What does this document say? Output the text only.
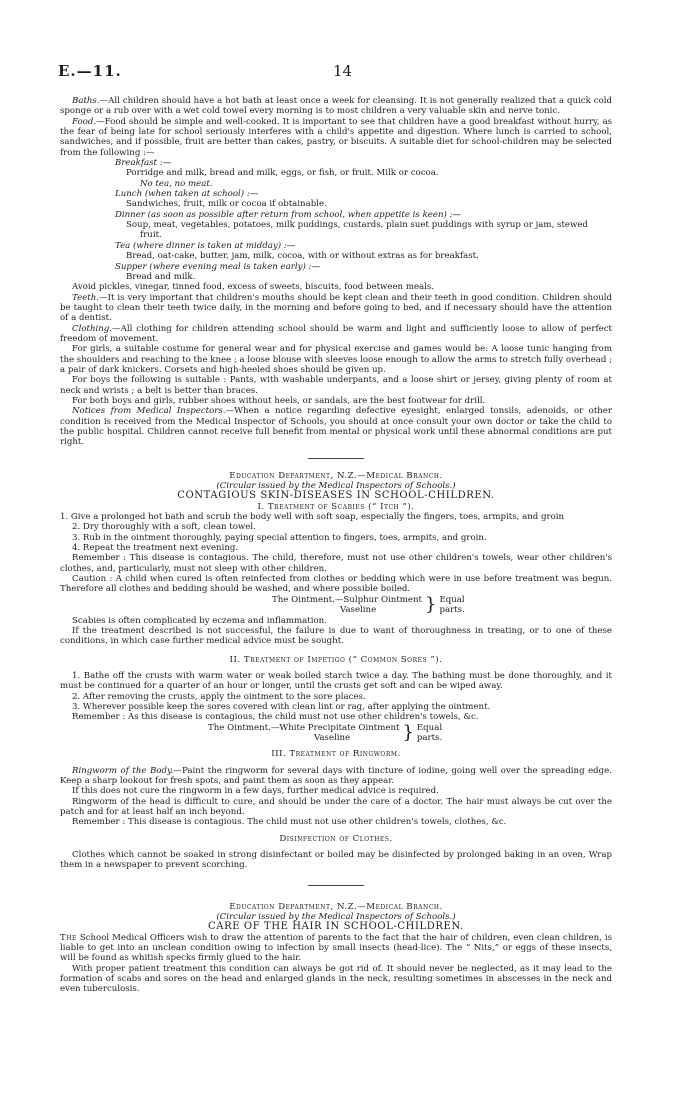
E.—11.	14

Baths.—All children should have a hot bath at least once a week for cleansing. It is not generally realized that a quick cold sponge or a rub over with a wet cold towel every morning is to most children a very valuable skin and nerve tonic.

Food.—Food should be simple and well-cooked. It is important to see that children have a good breakfast without hurry, as the fear of being late for school seriously interferes with a child's appetite and digestion. Where lunch is carried to school, sandwiches, and if possible, fruit are better than cakes, pastry, or biscuits. A suitable diet for school-children may be selected from the following :—

Breakfast :—

Porridge and milk, bread and milk, eggs, or fish, or fruit. Milk or cocoa.

No tea, no meat.

Lunch (when taken at school) :—

Sandwiches, fruit, milk or cocoa if obtainable.

Dinner (as soon as possible after return from school, when appetite is keen) :—

Soup, meat, vegetables, potatoes, milk puddings, custards, plain suet puddings with syrup or jam, stewed

fruit.

Tea (where dinner is taken at midday) :—

Bread, oat-cake, butter, jam, milk, cocoa, with or without extras as for breakfast.

Supper (where evening meal is taken early) :—

Bread and milk.

Avoid pickles, vinegar, tinned food, excess of sweets, biscuits, food between meals.

Teeth.—It is very important that children's mouths should be kept clean and their teeth in good condition. Children should be taught to clean their teeth twice daily, in the morning and before going to bed, and if necessary should have the attention of a dentist.

Clothing.—All clothing for children attending school should be warm and light and sufficiently loose to allow of perfect freedom of movement.

For girls, a suitable costume for general wear and for physical exercise and games would be: A loose tunic hanging from the shoulders and reaching to the knee ; a loose blouse with sleeves loose enough to allow the arms to stretch fully overhead ; a pair of dark knickers. Corsets and high-heeled shoes should be given up.

For boys the following is suitable : Pants, with washable underpants, and a loose shirt or jersey, giving plenty of room at neck and wrists ; a belt is better than braces.

For both boys and girls, rubber shoes without heels, or sandals, are the best footwear for drill.

Notices from Medical Inspectors.—When a notice regarding defective eyesight, enlarged tonsils, adenoids, or other condition is received from the Medical Inspector of Schools, you should at once consult your own doctor or take the child to the public hospital. Children cannot receive full benefit from mental or physical work until these abnormal conditions are put right.

Education Department, N.Z.—Medical Branch.

(Circular issued by the Medical Inspectors of Schools.)

CONTAGIOUS SKIN-DISEASES IN SCHOOL-CHILDREN.

I. Treatment of Scabies (“ Itch ”).

1. Give a prolonged hot bath and scrub the body well with soft soap, especially the fingers, toes, armpits, and groin

2. Dry thoroughly with a soft, clean towel.

3. Rub in the ointment thoroughly, paying special attention to fingers, toes, armpits, and groin.

4. Repeat the treatment next evening.

Remember : This disease is contagious. The child, therefore, must not use other children's towels, wear other children's clothes, and, particularly, must not sleep with other children.

Caution : A child when cured is often reinfected from clothes or bedding which were in use before treatment was begun. Therefore all clothes and bedding should be washed, and where possible boiled.

The Ointment.—Sulphur Ointment
Vaseline	} Equal
parts.

Scabies is often complicated by eczema and inflammation.

If the treatment described is not successful, the failure is due to want of thoroughness in treating, or to one of these conditions, in which case further medical advice must be sought.

II. Treatment of Impetigo (“ Common Sores ”).

1. Bathe off the crusts with warm water or weak boiled starch twice a day. The bathing must be done thoroughly, and it must be continued for a quarter of an hour or longer, until the crusts get soft and can be wiped away.

2. After removing the crusts, apply the ointment to the sore places.

3. Wherever possible keep the sores covered with clean lint or rag, after applying the ointment.

Remember : As this disease is contagious, the child must not use other children's towels, &c.

The Ointment.—White Precipitate Ointment
Vaseline	} Equal
parts.

III. Treatment of Ringworm.

Ringworm of the Body.—Paint the ringworm for several days with tincture of iodine, going well over the spreading edge. Keep a sharp lookout for fresh spots, and paint them as soon as they appear.

If this does not cure the ringworm in a few days, further medical advice is required.

Ringworm of the head is difficult to cure, and should be under the care of a doctor. The hair must always be cut over the patch and for at least half an inch beyond.

Remember : This disease is contagious. The child must not use other children's towels, clothes, &c.

Disinfection of Clothes.

Clothes which cannot be soaked in strong disinfectant or boiled may be disinfected by prolonged baking in an oven, Wrap them in a newspaper to prevent scorching.

Education Department, N.Z.—Medical Branch.

(Circular issued by the Medical Inspectors of Schools.)

CARE OF THE HAIR IN SCHOOL-CHILDREN.

The School Medical Officers wish to draw the attention of parents to the fact that the hair of children, even clean children, is liable to get into an unclean condition owing to infection by small insects (head-lice). The “ Nits,” or eggs of these insects, will be found as whitish specks firmly glued to the hair.

With proper patient treatment this condition can always be got rid of. It should never be neglected, as it may lead to the formation of scabs and sores on the head and enlarged glands in the neck, resulting sometimes in abscesses in the neck and even tuberculosis.
